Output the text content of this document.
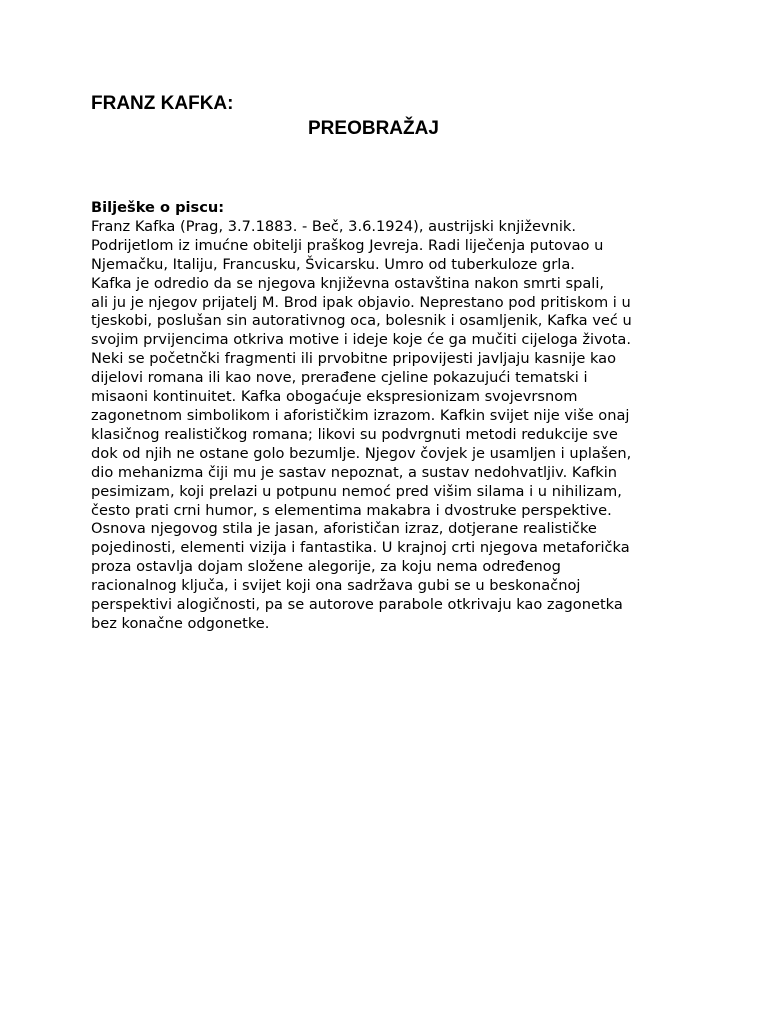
FRANZ KAFKA:
PREOBRAŽAJ
Bilješke o piscu:
Franz Kafka (Prag, 3.7.1883. - Beč, 3.6.1924), austrijski književnik.
Podrijetlom iz imućne obitelji praškog Jevreja. Radi liječenja putovao u
Njemačku, Italiju, Francusku, Švicarsku. Umro od tuberkuloze grla.
Kafka je odredio da se njegova književna ostavština nakon smrti spali,
ali ju je njegov prijatelj M. Brod ipak objavio. Neprestano pod pritiskom i u
tjeskobi, poslušan sin autorativnog oca, bolesnik i osamljenik, Kafka već u
svojim prvijencima otkriva motive i ideje koje će ga mučiti cijeloga života.
Neki se početnčki fragmenti ili prvobitne pripovijesti javljaju kasnije kao
dijelovi romana ili kao nove, prerađene cjeline pokazujući tematski i
misaoni kontinuitet. Kafka obogaćuje ekspresionizam svojevrsnom
zagonetnom simbolikom i aforističkim izrazom. Kafkin svijet nije više onaj
klasičnog realističkog romana; likovi su podvrgnuti metodi redukcije sve
dok od njih ne ostane golo bezumlje. Njegov čovjek je usamljen i uplašen,
dio mehanizma čiji mu je sastav nepoznat, a sustav nedohvatljiv. Kafkin
pesimizam, koji prelazi u potpunu nemoć pred višim silama i u nihilizam,
često prati crni humor, s elementima makabra i dvostruke perspektive.
Osnova njegovog stila je jasan, aforističan izraz, dotjerane realističke
pojedinosti, elementi vizija i fantastika. U krajnoj crti njegova metaforička
proza ostavlja dojam složene alegorije, za koju nema određenog
racionalnog ključa, i svijet koji ona sadržava gubi se u beskonačnoj
perspektivi alogičnosti, pa se autorove parabole otkrivaju kao zagonetka
bez konačne odgonetke.
